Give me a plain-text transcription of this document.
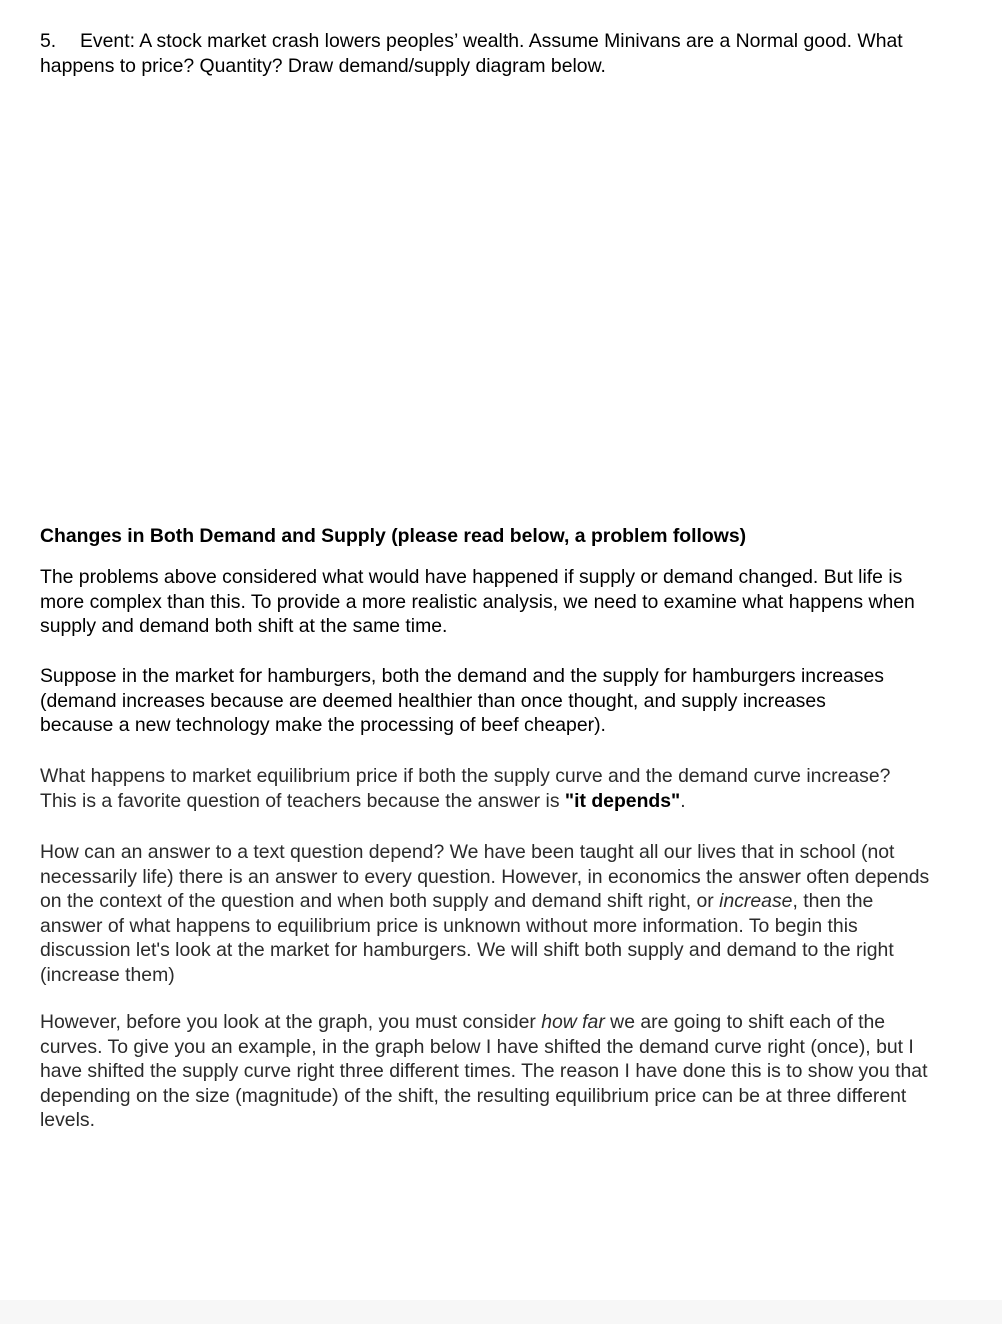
5. Event: A stock market crash lowers peoples’ wealth. Assume Minivans are a Normal good. What happens to price? Quantity? Draw demand/supply diagram below.
Changes in Both Demand and Supply (please read below, a problem follows)
The problems above considered what would have happened if supply or demand changed. But life is more complex than this. To provide a more realistic analysis, we need to examine what happens when supply and demand both shift at the same time.
Suppose in the market for hamburgers, both the demand and the supply for hamburgers increases (demand increases because are deemed healthier than once thought, and supply increases because a new technology make the processing of beef cheaper).
What happens to market equilibrium price if both the supply curve and the demand curve increase? This is a favorite question of teachers because the answer is "it depends".
How can an answer to a text question depend? We have been taught all our lives that in school (not necessarily life) there is an answer to every question. However, in economics the answer often depends on the context of the question and when both supply and demand shift right, or increase, then the answer of what happens to equilibrium price is unknown without more information. To begin this discussion let's look at the market for hamburgers. We will shift both supply and demand to the right (increase them)
However, before you look at the graph, you must consider how far we are going to shift each of the curves. To give you an example, in the graph below I have shifted the demand curve right (once), but I have shifted the supply curve right three different times. The reason I have done this is to show you that depending on the size (magnitude) of the shift, the resulting equilibrium price can be at three different levels.
